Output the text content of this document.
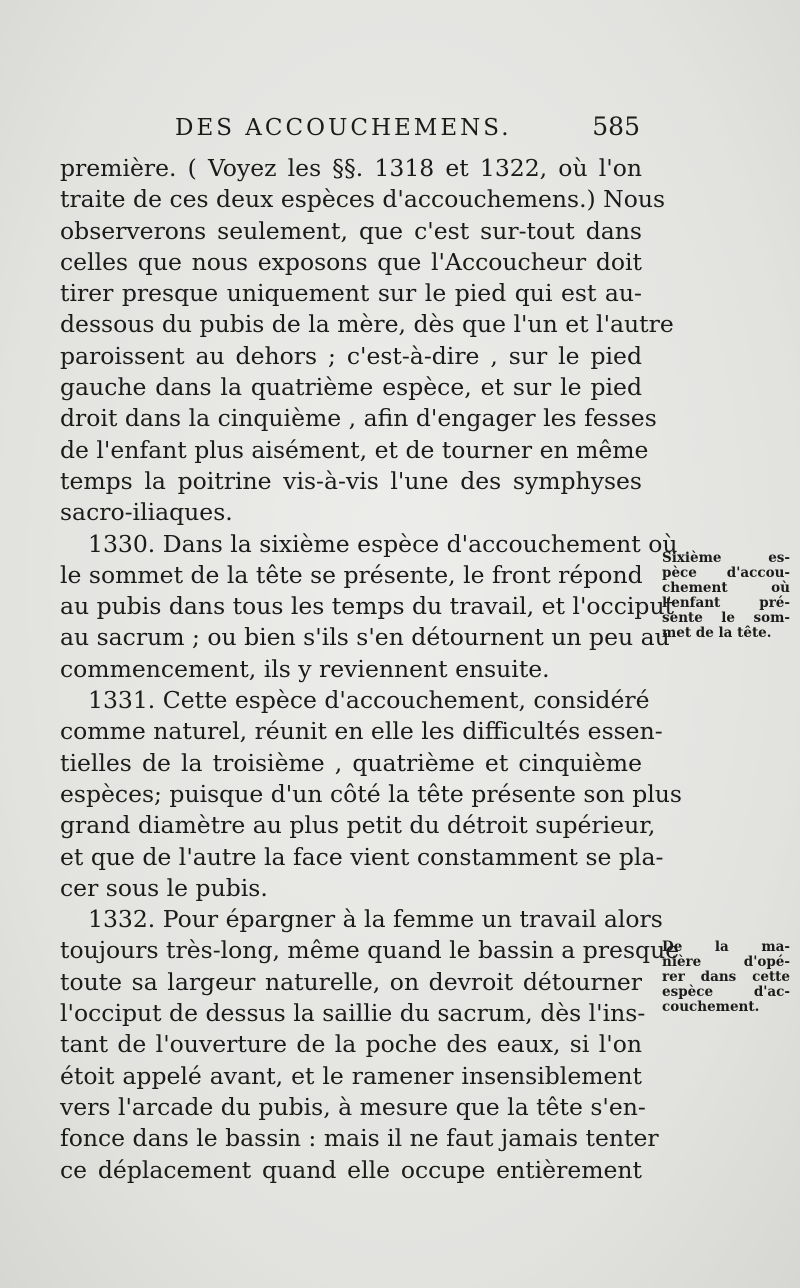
DES ACCOUCHEMENS.	585
première. ( Voyez les §§. 1318 et 1322, où l'on
traite de ces deux espèces d'accouchemens.) Nous
observerons seulement, que c'est sur-tout dans
celles que nous exposons que l'Accoucheur doit
tirer presque uniquement sur le pied qui est au-
dessous du pubis de la mère, dès que l'un et l'autre
paroissent au dehors ; c'est-à-dire , sur le pied
gauche dans la quatrième espèce, et sur le pied
droit dans la cinquième , afin d'engager les fesses
de l'enfant plus aisément, et de tourner en même
temps la poitrine vis-à-vis l'une des symphyses
sacro-iliaques.
1330. Dans la sixième espèce d'accouchement où
le sommet de la tête se présente, le front répond
au pubis dans tous les temps du travail, et l'occiput
au sacrum ; ou bien s'ils s'en détournent un peu au
commencement, ils y reviennent ensuite.
1331. Cette espèce d'accouchement, considéré
comme naturel, réunit en elle les difficultés essen-
tielles de la troisième , quatrième et cinquième
espèces; puisque d'un côté la tête présente son plus
grand diamètre au plus petit du détroit supérieur,
et que de l'autre la face vient constamment se pla-
cer sous le pubis.
1332. Pour épargner à la femme un travail alors
toujours très-long, même quand le bassin a presque
toute sa largeur naturelle, on devroit détourner
l'occiput de dessus la saillie du sacrum, dès l'ins-
tant de l'ouverture de la poche des eaux, si l'on
étoit appelé avant, et le ramener insensiblement
vers l'arcade du pubis, à mesure que la tête s'en-
fonce dans le bassin : mais il ne faut jamais tenter
ce déplacement quand elle occupe entièrement
Sixième es-
pèce d'accou-
chement où
l'enfant pré-
sente le som-
met de la tête.
De la ma-
nière d'opé-
rer dans cette
espèce d'ac-
couchement.
